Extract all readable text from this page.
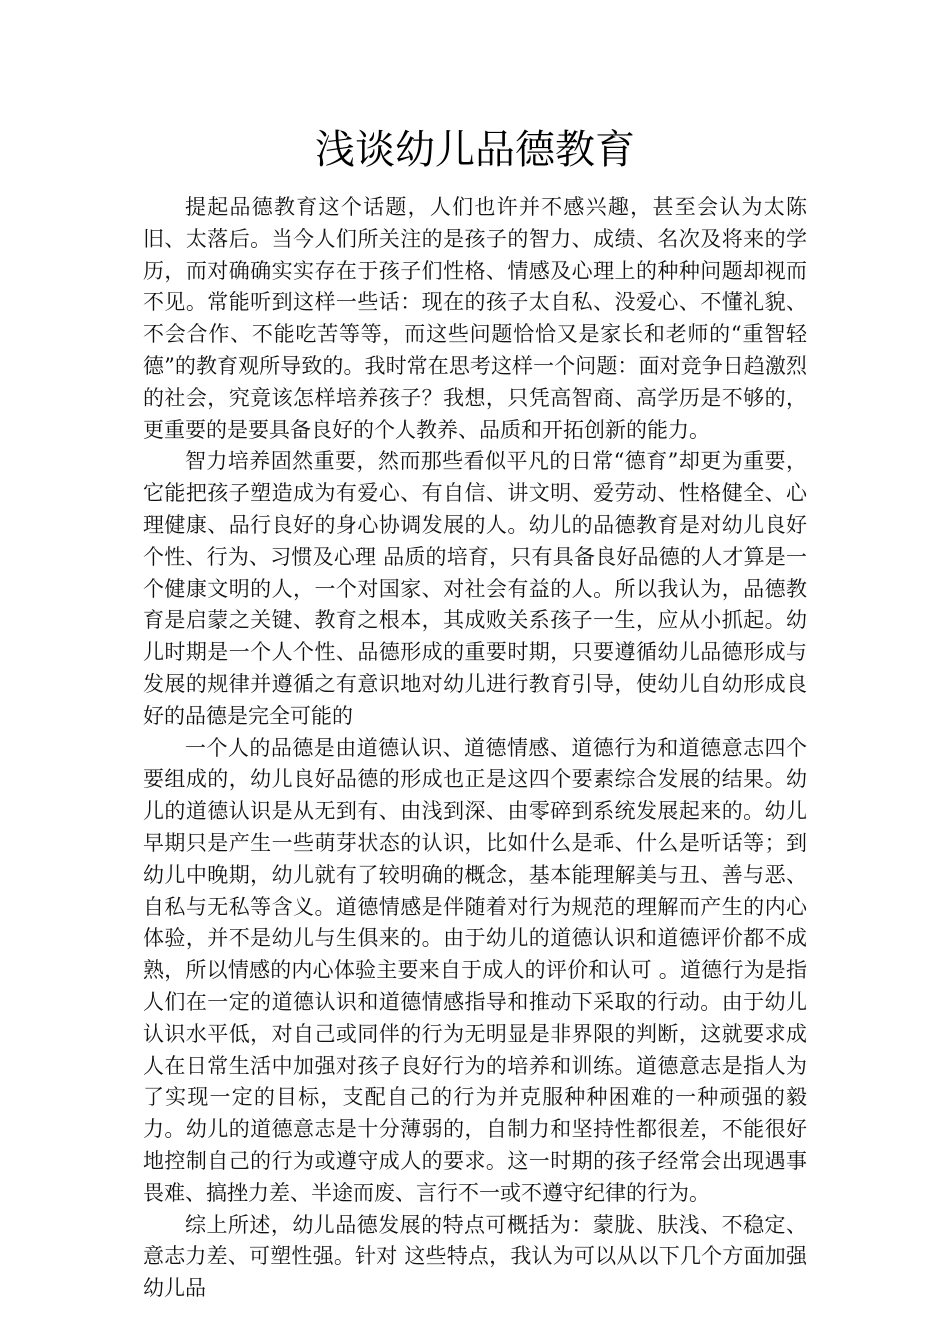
浅谈幼儿品德教育

提起品德教育这个话题，人们也许并不感兴趣，甚至会认为太陈旧、太落后。当今人们所关注的是孩子的智力、成绩、名次及将来的学历，而对确确实实存在于孩子们性格、情感及心理上的种种问题却视而不见。常能听到这样一些话：现在的孩子太自私、没爱心、不懂礼貌、不会合作、不能吃苦等等，而这些问题恰恰又是家长和老师的“重智轻德”的教育观所导致的。我时常在思考这样一个问题：面对竞争日趋激烈的社会，究竟该怎样培养孩子？我想，只凭高智商、高学历是不够的，更重要的是要具备良好的个人教养、品质和开拓创新的能力。

智力培养固然重要，然而那些看似平凡的日常“德育”却更为重要，它能把孩子塑造成为有爱心、有自信、讲文明、爱劳动、性格健全、心理健康、品行良好的身心协调发展的人。幼儿的品德教育是对幼儿良好个性、行为、习惯及心理 品质的培育，只有具备良好品德的人才算是一个健康文明的人，一个对国家、对社会有益的人。所以我认为，品德教育是启蒙之关键、教育之根本，其成败关系孩子一生，应从小抓起。幼儿时期是一个人个性、品德形成的重要时期，只要遵循幼儿品德形成与发展的规律并遵循之有意识地对幼儿进行教育引导，使幼儿自幼形成良好的品德是完全可能的

一个人的品德是由道德认识、道德情感、道德行为和道德意志四个要组成的，幼儿良好品德的形成也正是这四个要素综合发展的结果。幼儿的道德认识是从无到有、由浅到深、由零碎到系统发展起来的。幼儿早期只是产生一些萌芽状态的认识，比如什么是乖、什么是听话等；到幼儿中晚期，幼儿就有了较明确的概念，基本能理解美与丑、善与恶、自私与无私等含义。道德情感是伴随着对行为规范的理解而产生的内心体验，并不是幼儿与生俱来的。由于幼儿的道德认识和道德评价都不成熟，所以情感的内心体验主要来自于成人的评价和认可 。道德行为是指人们在一定的道德认识和道德情感指导和推动下采取的行动。由于幼儿认识水平低，对自己或同伴的行为无明显是非界限的判断，这就要求成人在日常生活中加强对孩子良好行为的培养和训练。道德意志是指人为了实现一定的目标，支配自己的行为并克服种种困难的一种顽强的毅力。幼儿的道德意志是十分薄弱的，自制力和坚持性都很差，不能很好地控制自己的行为或遵守成人的要求。这一时期的孩子经常会出现遇事畏难、搞挫力差、半途而废、言行不一或不遵守纪律的行为。

综上所述，幼儿品德发展的特点可概括为：蒙胧、肤浅、不稳定、意志力差、可塑性强。针对 这些特点，我认为可以从以下几个方面加强幼儿品
